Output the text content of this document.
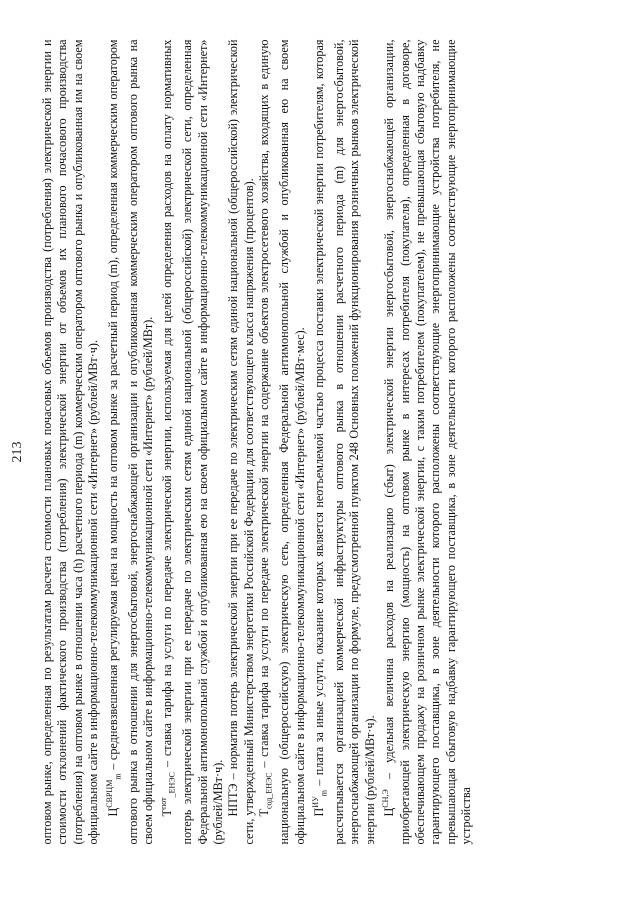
213 оптовом рынке, определенная по результатам расчета стоимости плановых почасовых объемов производства (потребления) электрической энергии и стоимости отклонений фактического производства (потребления) электрической энергии от объемов их планового почасового производства (потребления) на оптовом рынке в отношении часа (h) расчетного периода (m) коммерческим оператором оптового рынка и опубликованная им на своем официальном сайте в информационно-телекоммуникационной сети «Интернет» (рублей/МВт·ч). $Ц^{СВРЦМ}_m$ – средневзвешенная регулируемая цена на мощность на оптовом рынке за расчетный период (m), определенная коммерческим оператором оптового рынка в отношении для энергосбытовой, энергоснабжающей организации и опубликованная коммерческим оператором оптового рынка на своем официальном сайте в информационно-телекоммуникационной сети «Интернет» (рублей/МВт). $Т^{пот}_{\_ЕНЭС}$ – ставка тарифа на услуги по передаче электрической энергии, используемая для целей определения расходов на оплату нормативных потерь электрической энергии при ее передаче по электрическим сетям единой национальной (общероссийской) электрической сети, определенная Федеральной антимонопольной службой и опубликованная ею на своем официальном сайте в информационно-телекоммуникационной сети «Интернет» (рублей/МВт·ч). НПТЭ – норматив потерь электрической энергии при ее передаче по электрическим сетям единой национальной (общероссийской) электрической сети, утвержденный Министерством энергетики Российской Федерации для соответствующего класса напряжения (процентов). $Т_{сод\_ЕНЭС}$ – ставка тарифа на услуги по передаче электрической энергии на содержание объектов электросетевого хозяйства, входящих в единую национальную (общероссийскую) электрическую сеть, определенная Федеральной антимонопольной службой и опубликованная ею на своем официальном сайте в информационно-телекоммуникационной сети «Интернет» (рублей/МВт·мес). $П^{ИУ}_m$ – плата за иные услуги, оказание которых является неотъемлемой частью процесса поставки электрической энергии потребителям, которая рассчитывается организацией коммерческой инфраструктуры оптового рынка в отношении расчетного периода (m) для энергосбытовой, энергоснабжающей организации по формуле, предусмотренной пунктом 248 Основных положений функционирования розничных рынков электрической энергии (рублей/МВт·ч). $Ц^{СН,Э}$ – удельная величина расходов на реализацию (сбыт) электрической энергии энергосбытовой, энергоснабжающей организации, приобретающей электрическую энергию (мощность) на оптовом рынке в интересах потребителя (покупателя), определенная в договоре, обеспечивающем продажу на розничном рынке электрической энергии, с таким потребителем (покупателем), не превышающая сбытовую надбавку гарантирующего поставщика, в зоне деятельности которого расположены соответствующие энергопринимающие устройства потребителя, не превышающая сбытовую надбавку гарантирующего поставщика, в зоне деятельности которого расположены соответствующие энергопринимающие устройства
